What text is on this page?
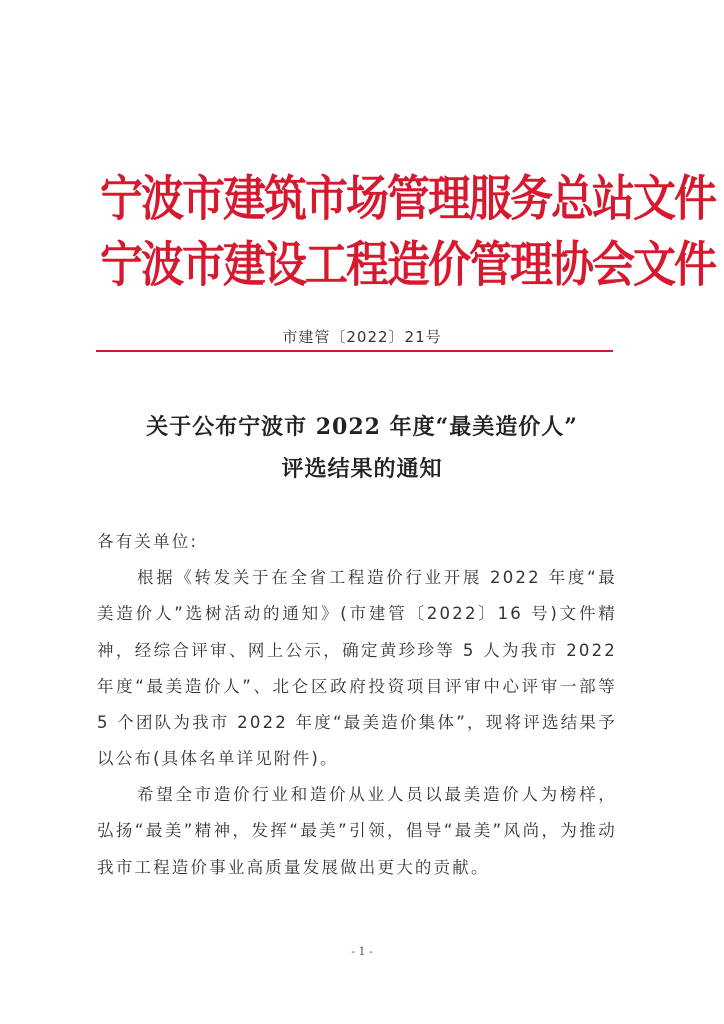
宁波市建筑市场管理服务总站文件
宁波市建设工程造价管理协会文件
市建管〔2022〕21号
关于公布宁波市 2022 年度“最美造价人”
评选结果的通知
各有关单位:
根据《转发关于在全省工程造价行业开展 2022 年度“最美造价人”选树活动的通知》(市建管〔2022〕16 号)文件精神，经综合评审、网上公示，确定黄珍珍等 5 人为我市 2022 年度“最美造价人”、北仑区政府投资项目评审中心评审一部等 5 个团队为我市 2022 年度“最美造价集体”，现将评选结果予以公布(具体名单详见附件)。
希望全市造价行业和造价从业人员以最美造价人为榜样，弘扬“最美”精神，发挥“最美”引领，倡导“最美”风尚，为推动我市工程造价事业高质量发展做出更大的贡献。
- 1 -
